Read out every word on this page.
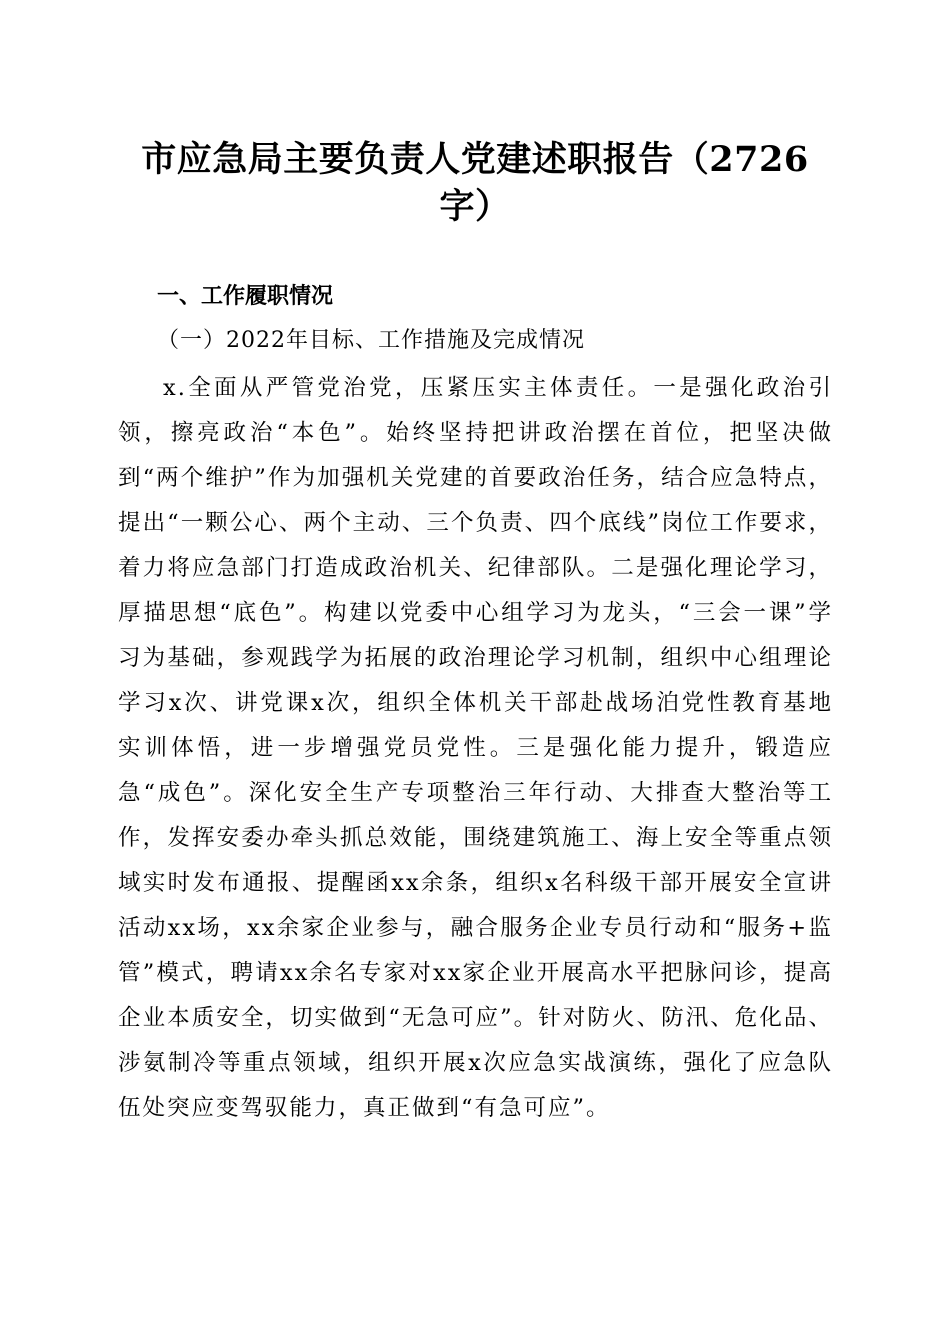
市应急局主要负责人党建述职报告（2726字）
一、工作履职情况
（一）2022年目标、工作措施及完成情况

x.全面从严管党治党，压紧压实主体责任。一是强化政治引领，擦亮政治“本色”。始终坚持把讲政治摆在首位，把坚决做到“两个维护”作为加强机关党建的首要政治任务，结合应急特点，提出“一颗公心、两个主动、三个负责、四个底线”岗位工作要求，着力将应急部门打造成政治机关、纪律部队。二是强化理论学习，厚描思想“底色”。构建以党委中心组学习为龙头，“三会一课”学习为基础，参观践学为拓展的政治理论学习机制，组织中心组理论学习x次、讲党课x次，组织全体机关干部赴战场泊党性教育基地实训体悟，进一步增强党员党性。三是强化能力提升，锻造应急“成色”。深化安全生产专项整治三年行动、大排查大整治等工作，发挥安委办牵头抓总效能，围绕建筑施工、海上安全等重点领域实时发布通报、提醒函xx余条，组织x名科级干部开展安全宣讲活动xx场，xx余家企业参与，融合服务企业专员行动和“服务+监管”模式，聘请xx余名专家对xx家企业开展高水平把脉问诊，提高企业本质安全，切实做到“无急可应”。针对防火、防汛、危化品、涉氨制冷等重点领域，组织开展x次应急实战演练，强化了应急队伍处突应变驾驭能力，真正做到“有急可应”。
